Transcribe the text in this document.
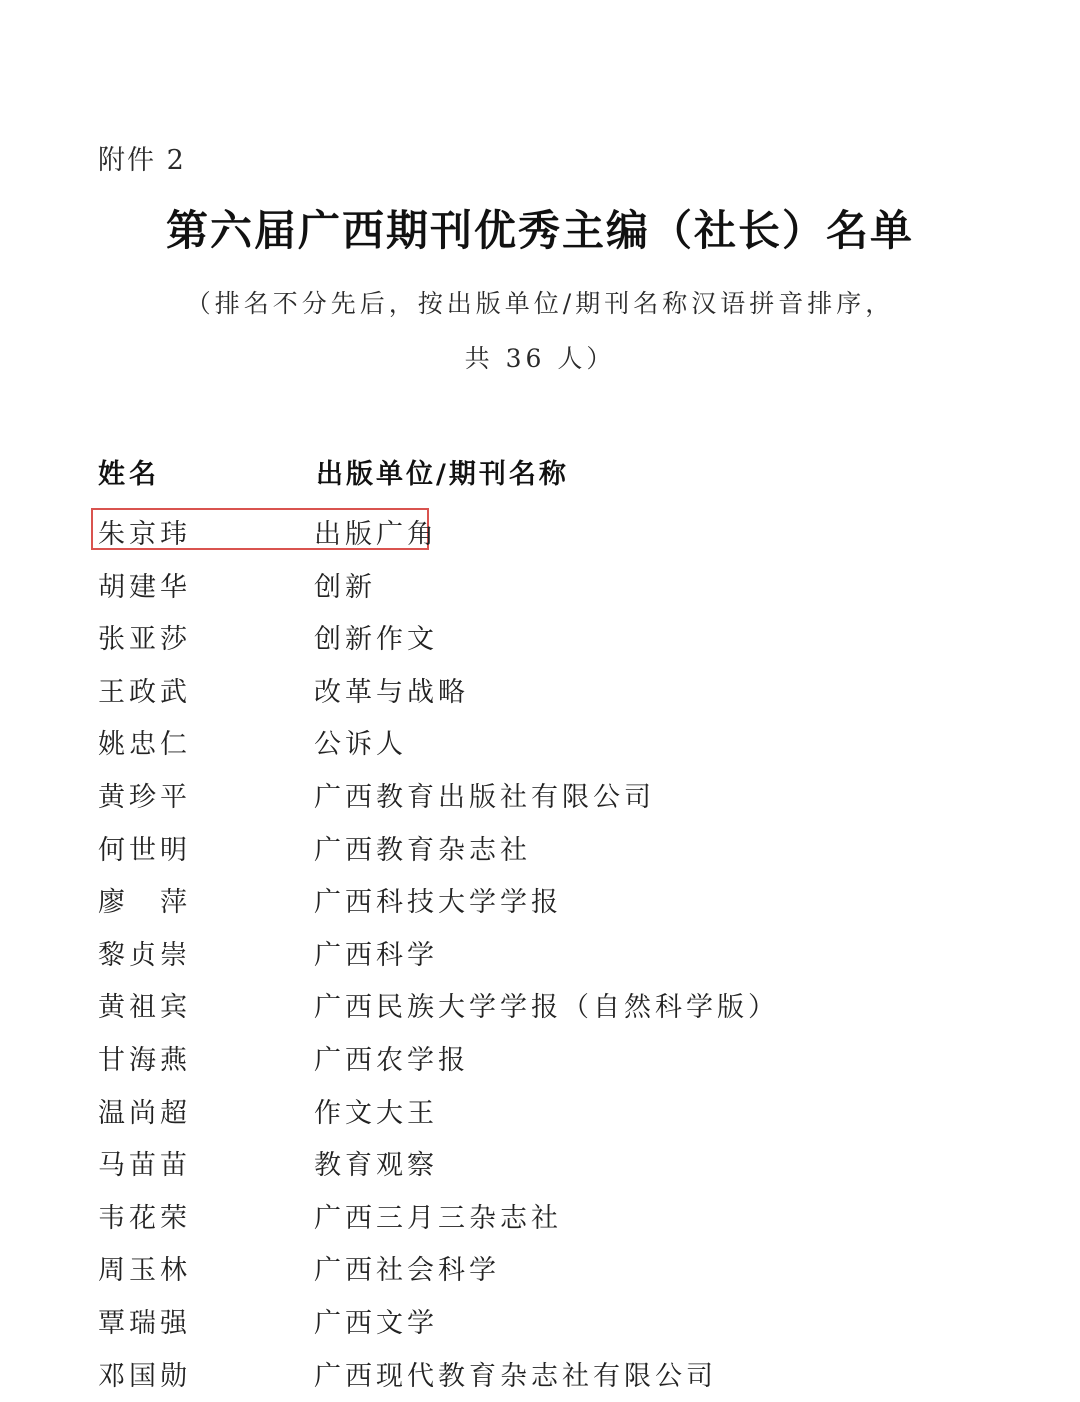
附件 2
第六届广西期刊优秀主编（社长）名单
（排名不分先后，按出版单位/期刊名称汉语拼音排序，
共 36 人）
姓名	出版单位/期刊名称
朱京玮	出版广角
胡建华	创新
张亚莎	创新作文
王政武	改革与战略
姚忠仁	公诉人
黄珍平	广西教育出版社有限公司
何世明	广西教育杂志社
廖　萍	广西科技大学学报
黎贞崇	广西科学
黄祖宾	广西民族大学学报（自然科学版）
甘海燕	广西农学报
温尚超	作文大王
马苗苗	教育观察
韦花荣	广西三月三杂志社
周玉林	广西社会科学
覃瑞强	广西文学
邓国勋	广西现代教育杂志社有限公司
